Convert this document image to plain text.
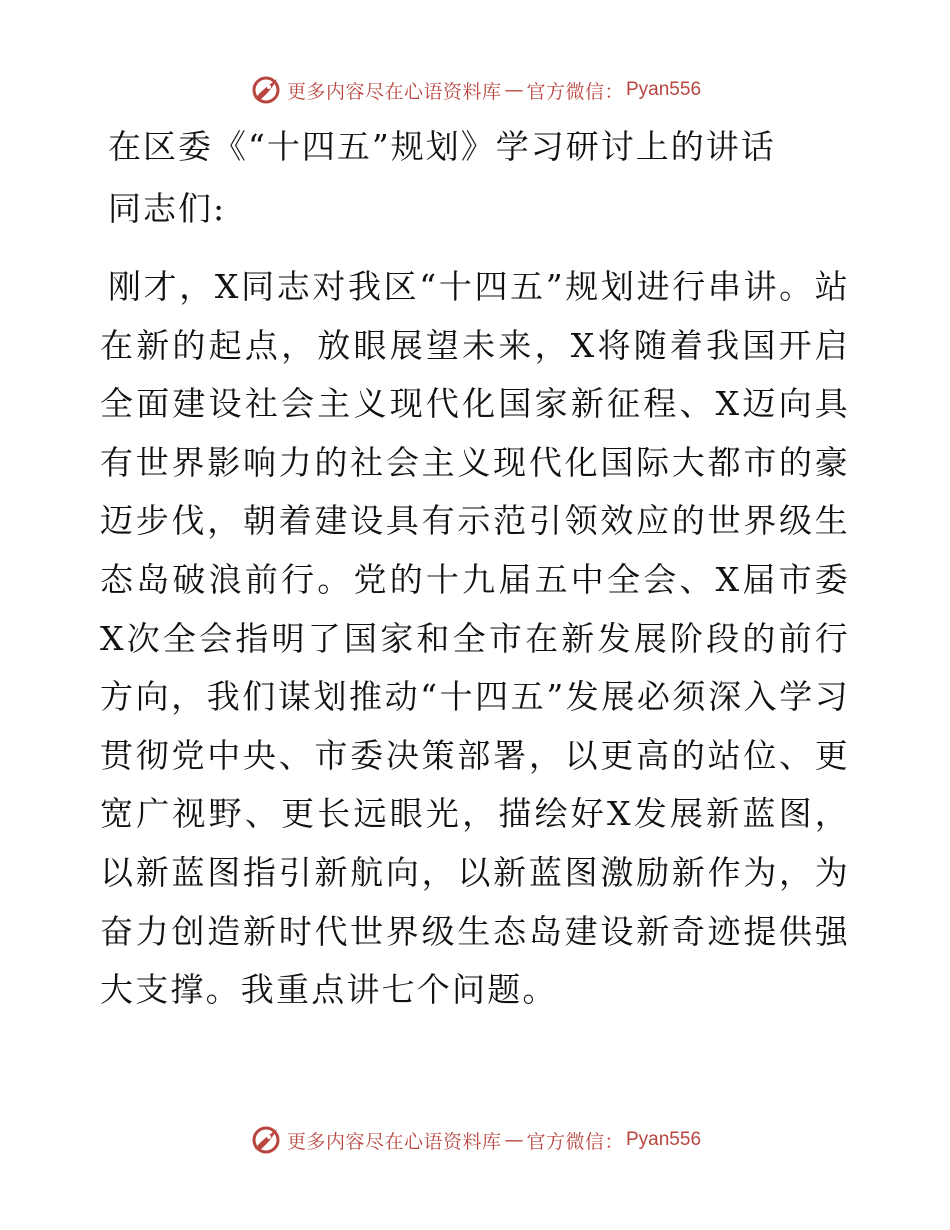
更多内容尽在心语资料库 — 官方微信： Pyan556
在区委《“十四五”规划》学习研讨上的讲话
同志们:

刚才，X同志对我区“十四五”规划进行串讲。站在新的起点，放眼展望未来，X将随着我国开启全面建设社会主义现代化国家新征程、X迈向具有世界影响力的社会主义现代化国际大都市的豪迈步伐，朝着建设具有示范引领效应的世界级生态岛破浪前行。党的十九届五中全会、X届市委X次全会指明了国家和全市在新发展阶段的前行方向，我们谋划推动“十四五”发展必须深入学习贯彻党中央、市委决策部署，以更高的站位、更宽广视野、更长远眼光，描绘好X发展新蓝图，以新蓝图指引新航向，以新蓝图激励新作为，为奋力创造新时代世界级生态岛建设新奇迹提供强大支撑。我重点讲七个问题。

更多内容尽在心语资料库 — 官方微信： Pyan556
